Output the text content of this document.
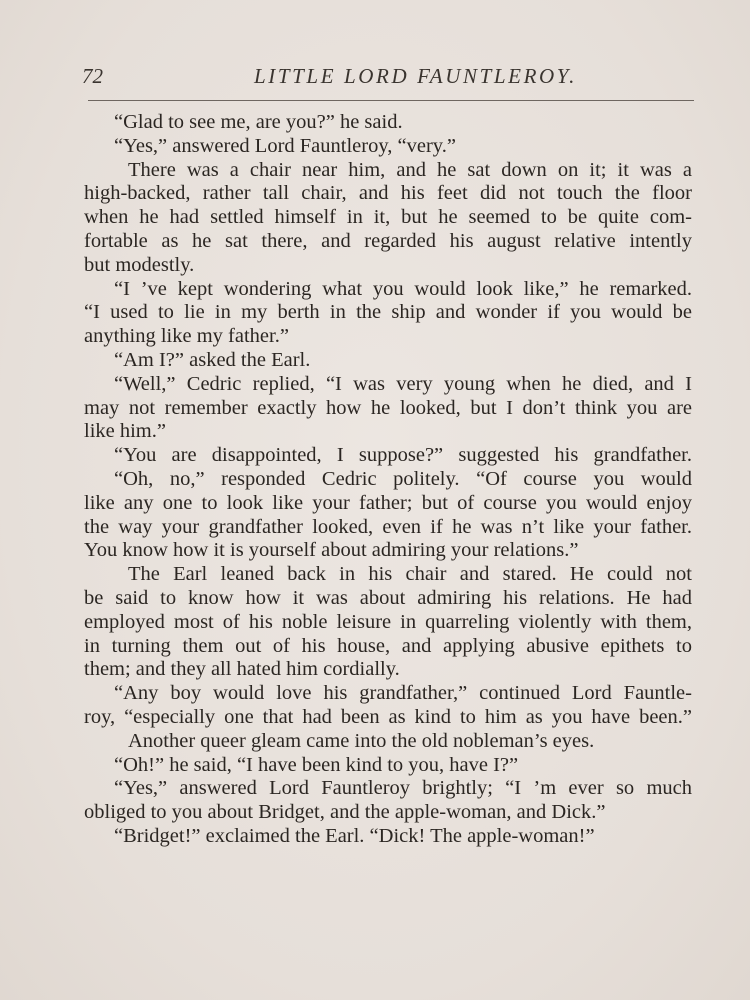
72	LITTLE LORD FAUNTLEROY.
“Glad to see me, are you?” he said.
“Yes,” answered Lord Fauntleroy, “very.”
There was a chair near him, and he sat down on it; it was a
high-backed, rather tall chair, and his feet did not touch the floor
when he had settled himself in it, but he seemed to be quite com-
fortable as he sat there, and regarded his august relative intently
but modestly.
“I ’ve kept wondering what you would look like,” he remarked.
“I used to lie in my berth in the ship and wonder if you would be
anything like my father.”
“Am I?” asked the Earl.
“Well,” Cedric replied, “I was very young when he died, and I
may not remember exactly how he looked, but I don’t think you are
like him.”
“You are disappointed, I suppose?” suggested his grandfather.
“Oh, no,” responded Cedric politely. “Of course you would
like any one to look like your father; but of course you would enjoy
the way your grandfather looked, even if he was n’t like your father.
You know how it is yourself about admiring your relations.”
The Earl leaned back in his chair and stared. He could not
be said to know how it was about admiring his relations. He had
employed most of his noble leisure in quarreling violently with them,
in turning them out of his house, and applying abusive epithets to
them; and they all hated him cordially.
“Any boy would love his grandfather,” continued Lord Fauntle-
roy, “especially one that had been as kind to him as you have been.”
Another queer gleam came into the old nobleman’s eyes.
“Oh!” he said, “I have been kind to you, have I?”
“Yes,” answered Lord Fauntleroy brightly; “I ’m ever so much
obliged to you about Bridget, and the apple-woman, and Dick.”
“Bridget!” exclaimed the Earl. “Dick! The apple-woman!”
